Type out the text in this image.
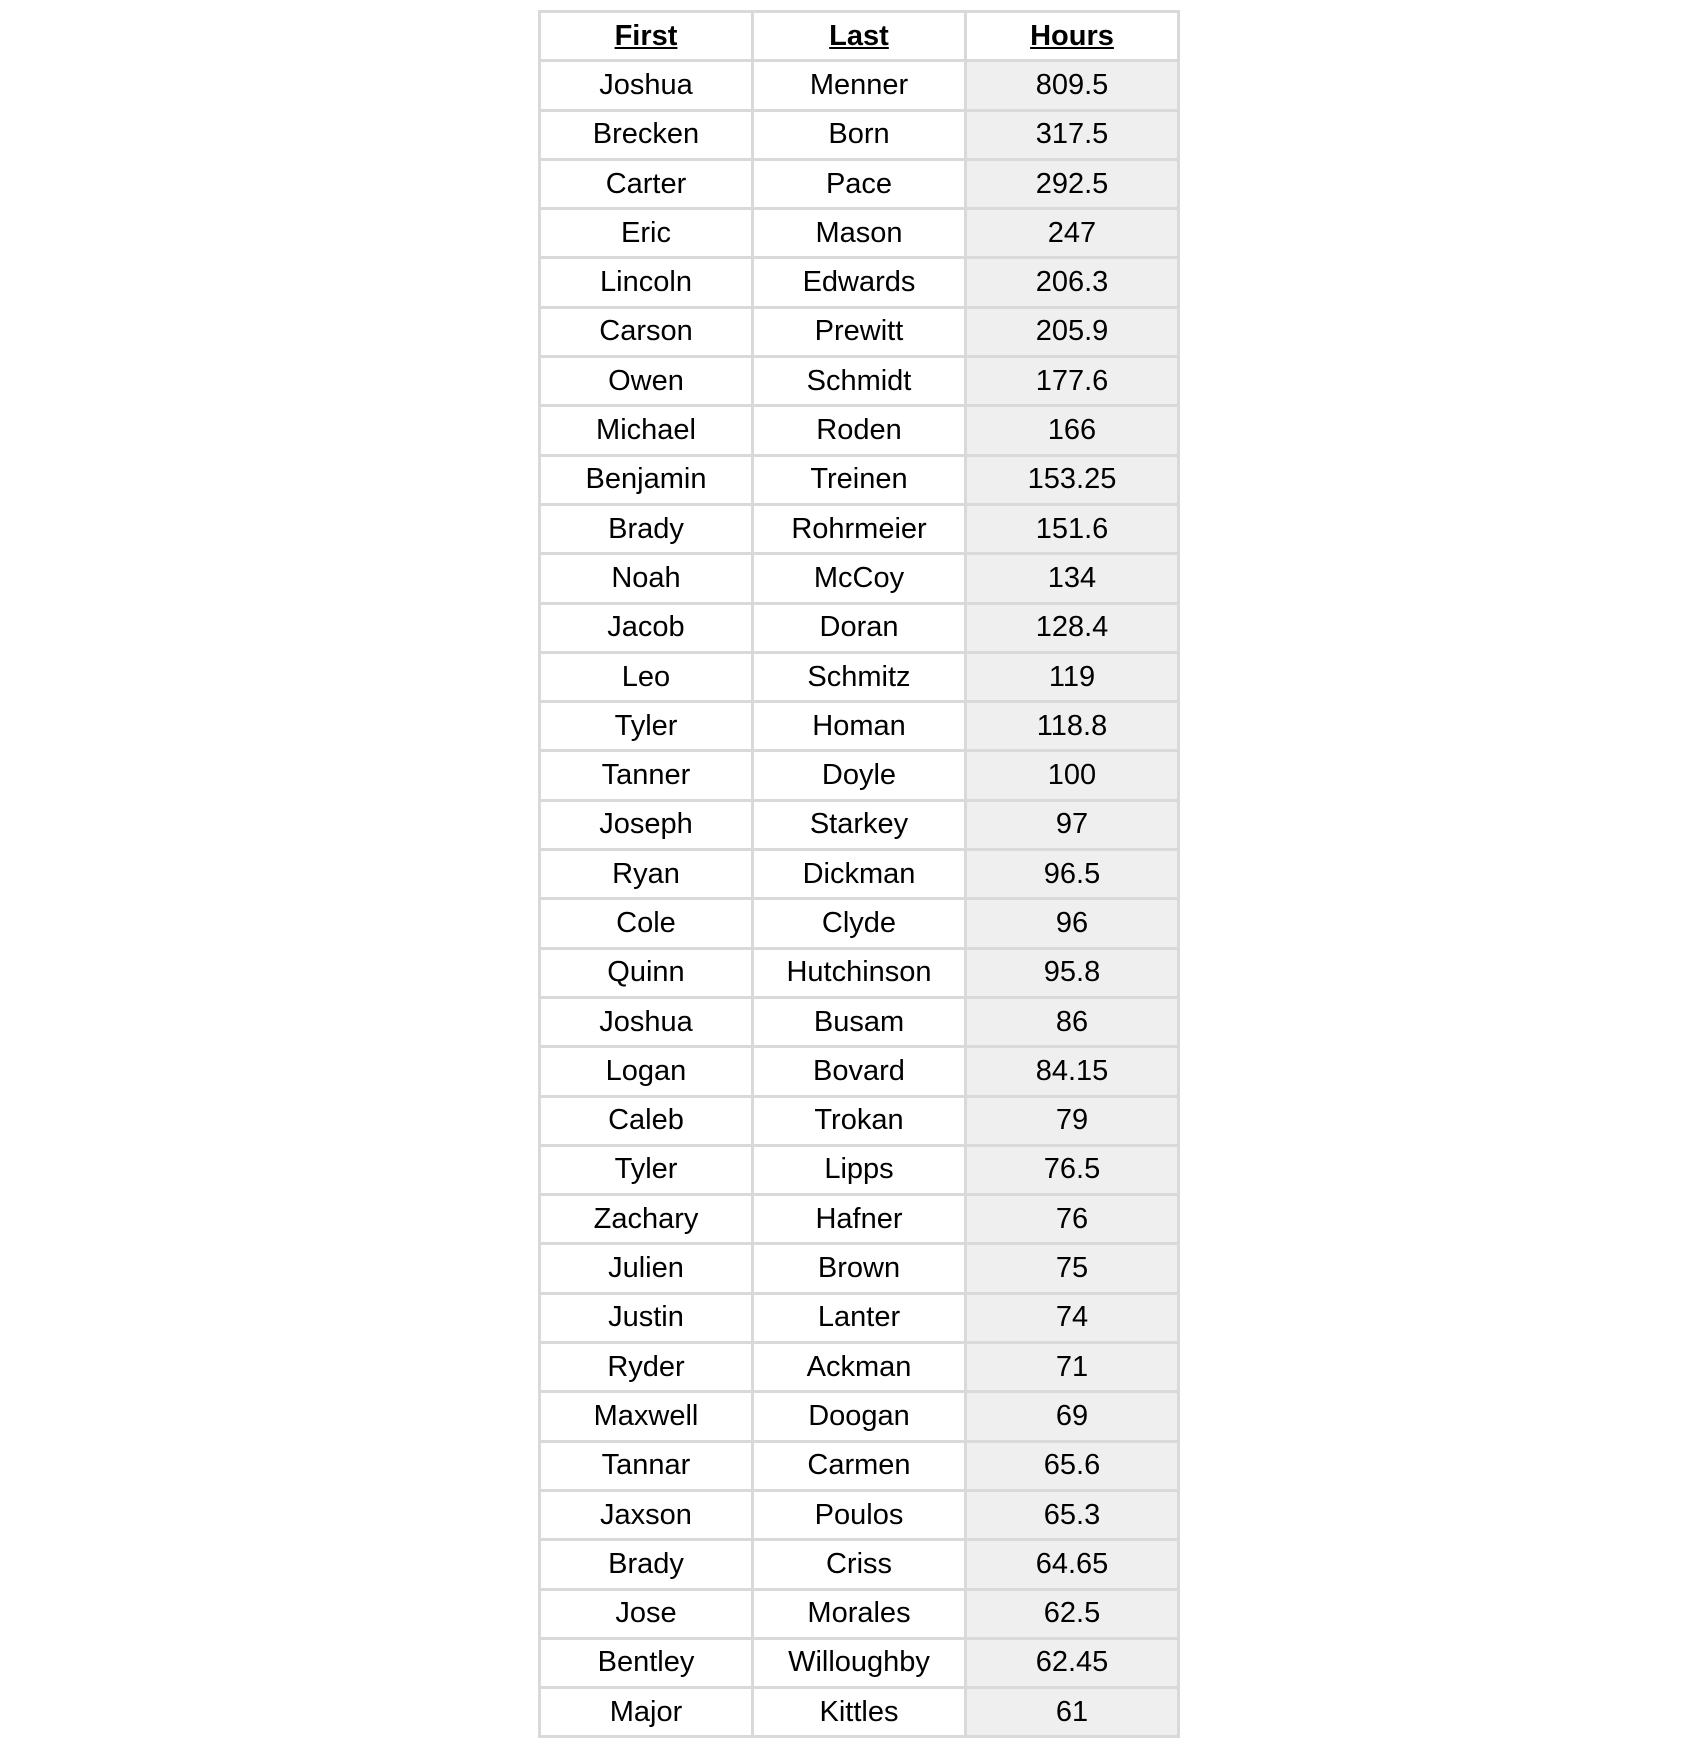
First	Last	Hours
Joshua	Menner	809.5
Brecken	Born	317.5
Carter	Pace	292.5
Eric	Mason	247
Lincoln	Edwards	206.3
Carson	Prewitt	205.9
Owen	Schmidt	177.6
Michael	Roden	166
Benjamin	Treinen	153.25
Brady	Rohrmeier	151.6
Noah	McCoy	134
Jacob	Doran	128.4
Leo	Schmitz	119
Tyler	Homan	118.8
Tanner	Doyle	100
Joseph	Starkey	97
Ryan	Dickman	96.5
Cole	Clyde	96
Quinn	Hutchinson	95.8
Joshua	Busam	86
Logan	Bovard	84.15
Caleb	Trokan	79
Tyler	Lipps	76.5
Zachary	Hafner	76
Julien	Brown	75
Justin	Lanter	74
Ryder	Ackman	71
Maxwell	Doogan	69
Tannar	Carmen	65.6
Jaxson	Poulos	65.3
Brady	Criss	64.65
Jose	Morales	62.5
Bentley	Willoughby	62.45
Major	Kittles	61
